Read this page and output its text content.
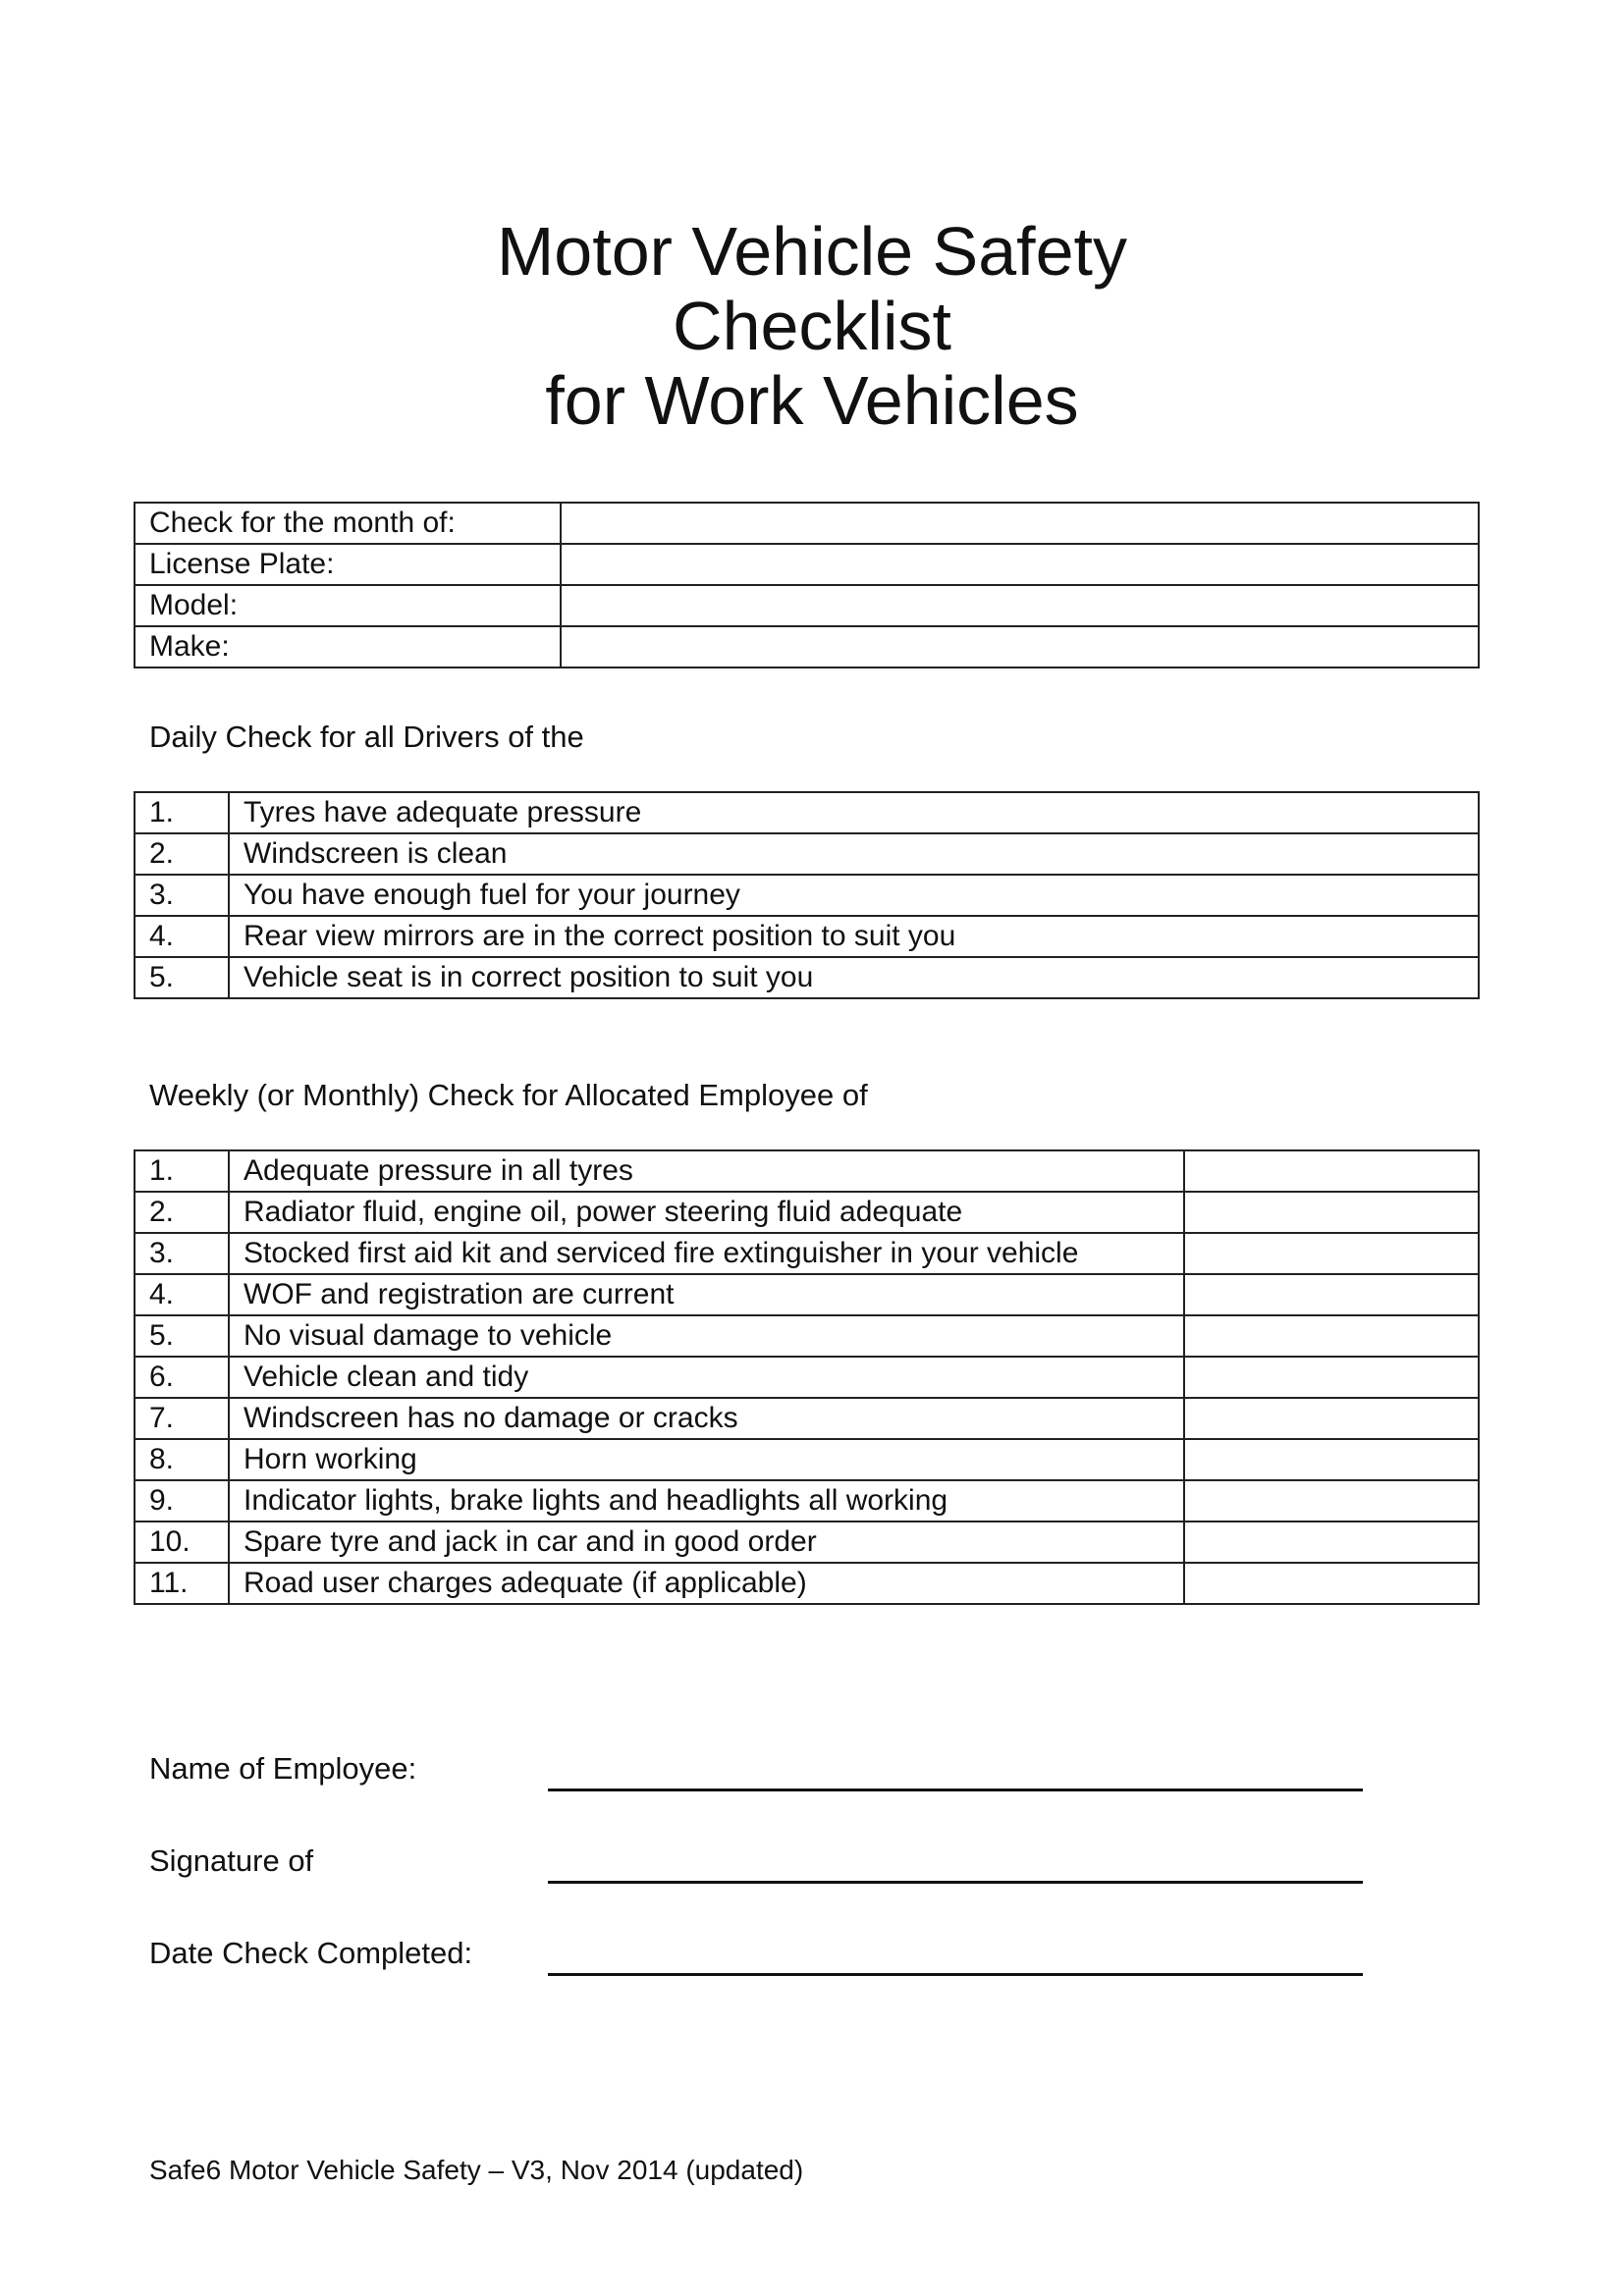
Motor Vehicle Safety
Checklist
for Work Vehicles
Check for the month of:	
License Plate:	
Model:	
Make:	
Daily Check for all Drivers of the
1.	Tyres have adequate pressure
2.	Windscreen is clean
3.	You have enough fuel for your journey
4.	Rear view mirrors are in the correct position to suit you
5.	Vehicle seat is in correct position to suit you
Weekly (or Monthly) Check for Allocated Employee of
1.	Adequate pressure in all tyres	
2.	Radiator fluid, engine oil, power steering fluid adequate	
3.	Stocked first aid kit and serviced fire extinguisher in your vehicle	
4.	WOF and registration are current	
5.	No visual damage to vehicle	
6.	Vehicle clean and tidy	
7.	Windscreen has no damage or cracks	
8.	Horn working	
9.	Indicator lights, brake lights and headlights all working	
10.	Spare tyre and jack in car and in good order	
11.	Road user charges adequate (if applicable)	
Name of Employee:
Signature of
Date Check Completed:
Safe6 Motor Vehicle Safety – V3, Nov 2014 (updated)
